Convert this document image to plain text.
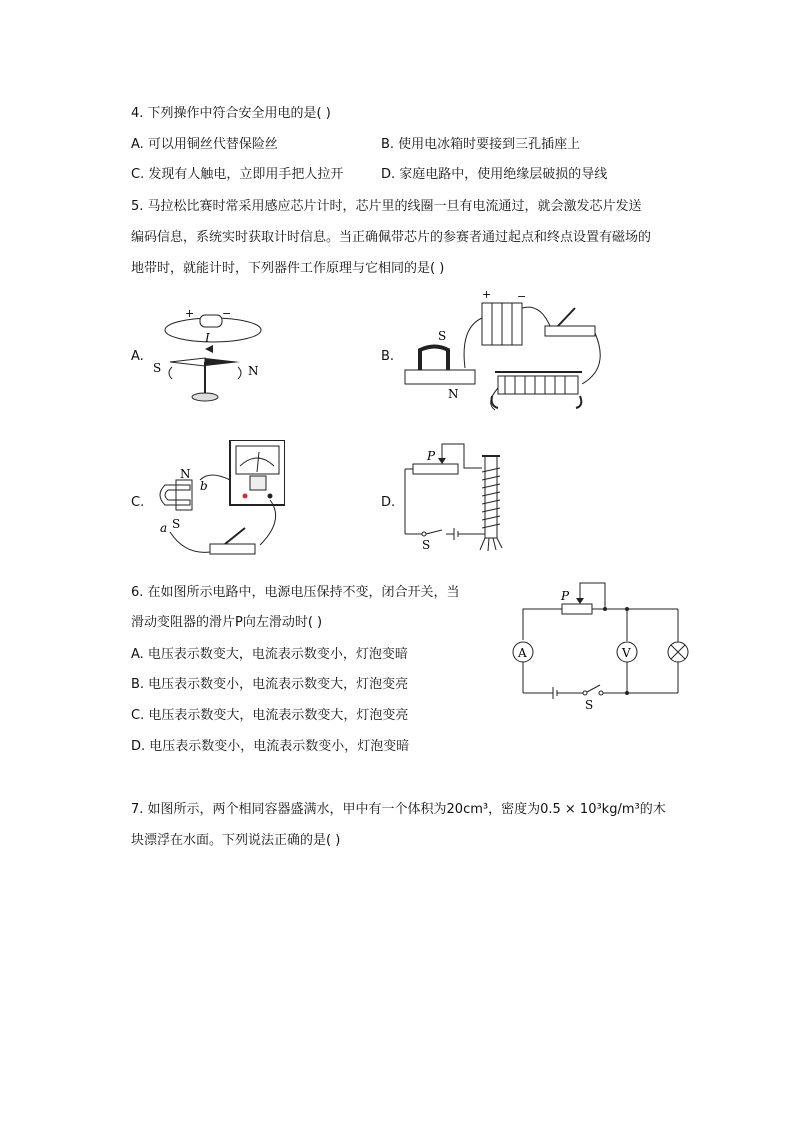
4. 下列操作中符合安全用电的是( )
A. 可以用铜丝代替保险丝	B. 使用电冰箱时要接到三孔插座上
C. 发现有人触电，立即用手把人拉开	D. 家庭电路中，使用绝缘层破损的导线
5. 马拉松比赛时常采用感应芯片计时，芯片里的线圈一旦有电流通过，就会激发芯片发送
编码信息，系统实时获取计时信息。当正确佩带芯片的参赛者通过起点和终点设置有磁场的
地带时，就能计时，下列器件工作原理与它相同的是( )
A.	B.
C.	D.
+	−
I
S	N
+ −
S
N
N
S
a
b
P
S
6. 在如图所示电路中，电源电压保持不变，闭合开关，当
滑动变阻器的滑片P向左滑动时( )
A. 电压表示数变大，电流表示数变小，灯泡变暗
B. 电压表示数变小，电流表示数变大，灯泡变亮
C. 电压表示数变大，电流表示数变大，灯泡变亮
D. 电压表示数变小，电流表示数变小，灯泡变暗
P
A
S
V
7. 如图所示，两个相同容器盛满水，甲中有一个体积为20cm³，密度为0.5 × 10³kg/m³的木
块漂浮在水面。下列说法正确的是( )
